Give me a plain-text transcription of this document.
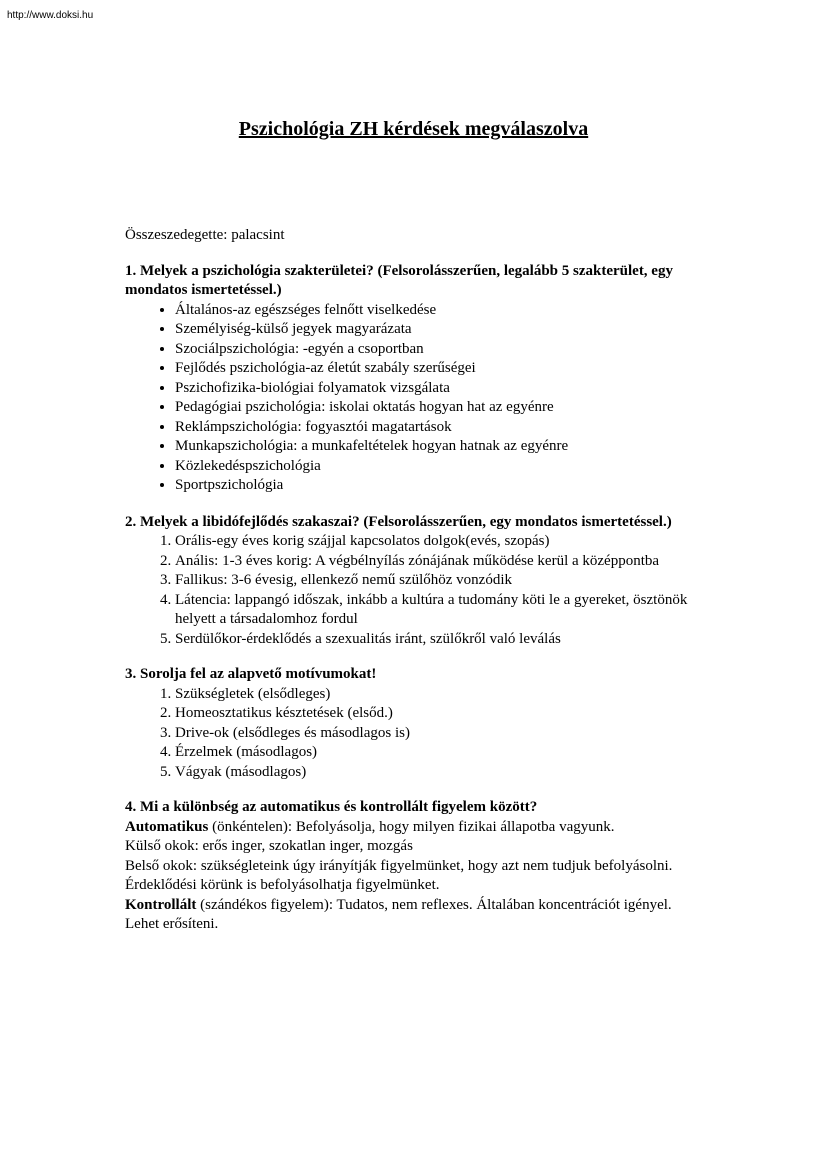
http://www.doksi.hu
Pszichológia ZH kérdések megválaszolva

Összeszedegette: palacsint

1. Melyek a pszichológia szakterületei? (Felsorolásszerűen, legalább 5 szakterület, egy mondatos ismertetéssel.)

• Általános-az egészséges felnőtt viselkedése
• Személyiség-külső jegyek magyarázata
• Szociálpszichológia: -egyén a csoportban
• Fejlődés pszichológia-az életút szabály szerűségei
• Pszichofizika-biológiai folyamatok vizsgálata
• Pedagógiai pszichológia: iskolai oktatás hogyan hat az egyénre
• Reklámpszichológia: fogyasztói magatartások
• Munkapszichológia: a munkafeltételek hogyan hatnak az egyénre
• Közlekedéspszichológia
• Sportpszichológia

2. Melyek a libidófejlődés szakaszai? (Felsorolásszerűen, egy mondatos ismertetéssel.)

1. Orális-egy éves korig szájjal kapcsolatos dolgok(evés, szopás)
2. Anális: 1-3 éves korig: A végbélnyílás zónájának működése kerül a középpontba
3. Fallikus: 3-6 évesig, ellenkező nemű szülőhöz vonzódik
4. Látencia: lappangó időszak, inkább a kultúra a tudomány köti le a gyereket, ösztönök helyett a társadalomhoz fordul
5. Serdülőkor-érdeklődés a szexualitás iránt, szülőkről való leválás

3. Sorolja fel az alapvető motívumokat!

1. Szükségletek (elsődleges)
2. Homeosztatikus késztetések (elsőd.)
3. Drive-ok (elsődleges és másodlagos is)
4. Érzelmek (másodlagos)
5. Vágyak (másodlagos)

4. Mi a különbség az automatikus és kontrollált figyelem között?

Automatikus (önkéntelen): Befolyásolja, hogy milyen fizikai állapotba vagyunk.

Külső okok: erős inger, szokatlan inger, mozgás

Belső okok: szükségleteink úgy irányítják figyelmünket, hogy azt nem tudjuk befolyásolni. Érdeklődési körünk is befolyásolhatja figyelmünket.

Kontrollált (szándékos figyelem): Tudatos, nem reflexes. Általában koncentrációt igényel. Lehet erősíteni.
